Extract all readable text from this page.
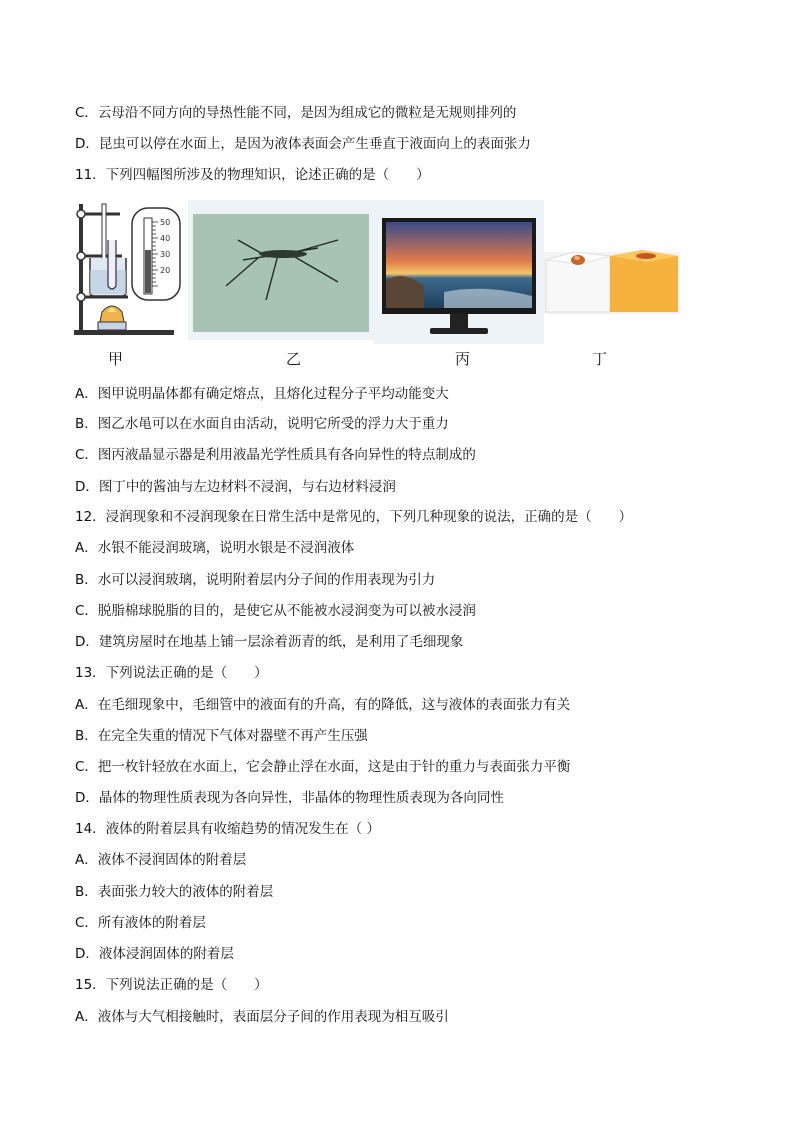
C．云母沿不同方向的导热性能不同，是因为组成它的微粒是无规则排列的
D．昆虫可以停在水面上，是因为液体表面会产生垂直于液面向上的表面张力
11．下列四幅图所涉及的物理知识，论述正确的是（　　）
50
40
30
20
甲	乙	丙	丁
A．图甲说明晶体都有确定熔点，且熔化过程分子平均动能变大
B．图乙水黾可以在水面自由活动，说明它所受的浮力大于重力
C．图丙液晶显示器是利用液晶光学性质具有各向异性的特点制成的
D．图丁中的酱油与左边材料不浸润，与右边材料浸润
12．浸润现象和不浸润现象在日常生活中是常见的，下列几种现象的说法，正确的是（　　）
A．水银不能浸润玻璃，说明水银是不浸润液体
B．水可以浸润玻璃，说明附着层内分子间的作用表现为引力
C．脱脂棉球脱脂的目的，是使它从不能被水浸润变为可以被水浸润
D．建筑房屋时在地基上铺一层涂着沥青的纸，是利用了毛细现象
13．下列说法正确的是（　　）
A．在毛细现象中，毛细管中的液面有的升高，有的降低，这与液体的表面张力有关
B．在完全失重的情况下气体对器壁不再产生压强
C．把一枚针轻放在水面上，它会静止浮在水面，这是由于针的重力与表面张力平衡
D．晶体的物理性质表现为各向异性，非晶体的物理性质表现为各向同性
14．液体的附着层具有收缩趋势的情况发生在（ ）
A．液体不浸润固体的附着层
B．表面张力较大的液体的附着层
C．所有液体的附着层
D．液体浸润固体的附着层
15．下列说法正确的是（　　）
A．液体与大气相接触时，表面层分子间的作用表现为相互吸引
